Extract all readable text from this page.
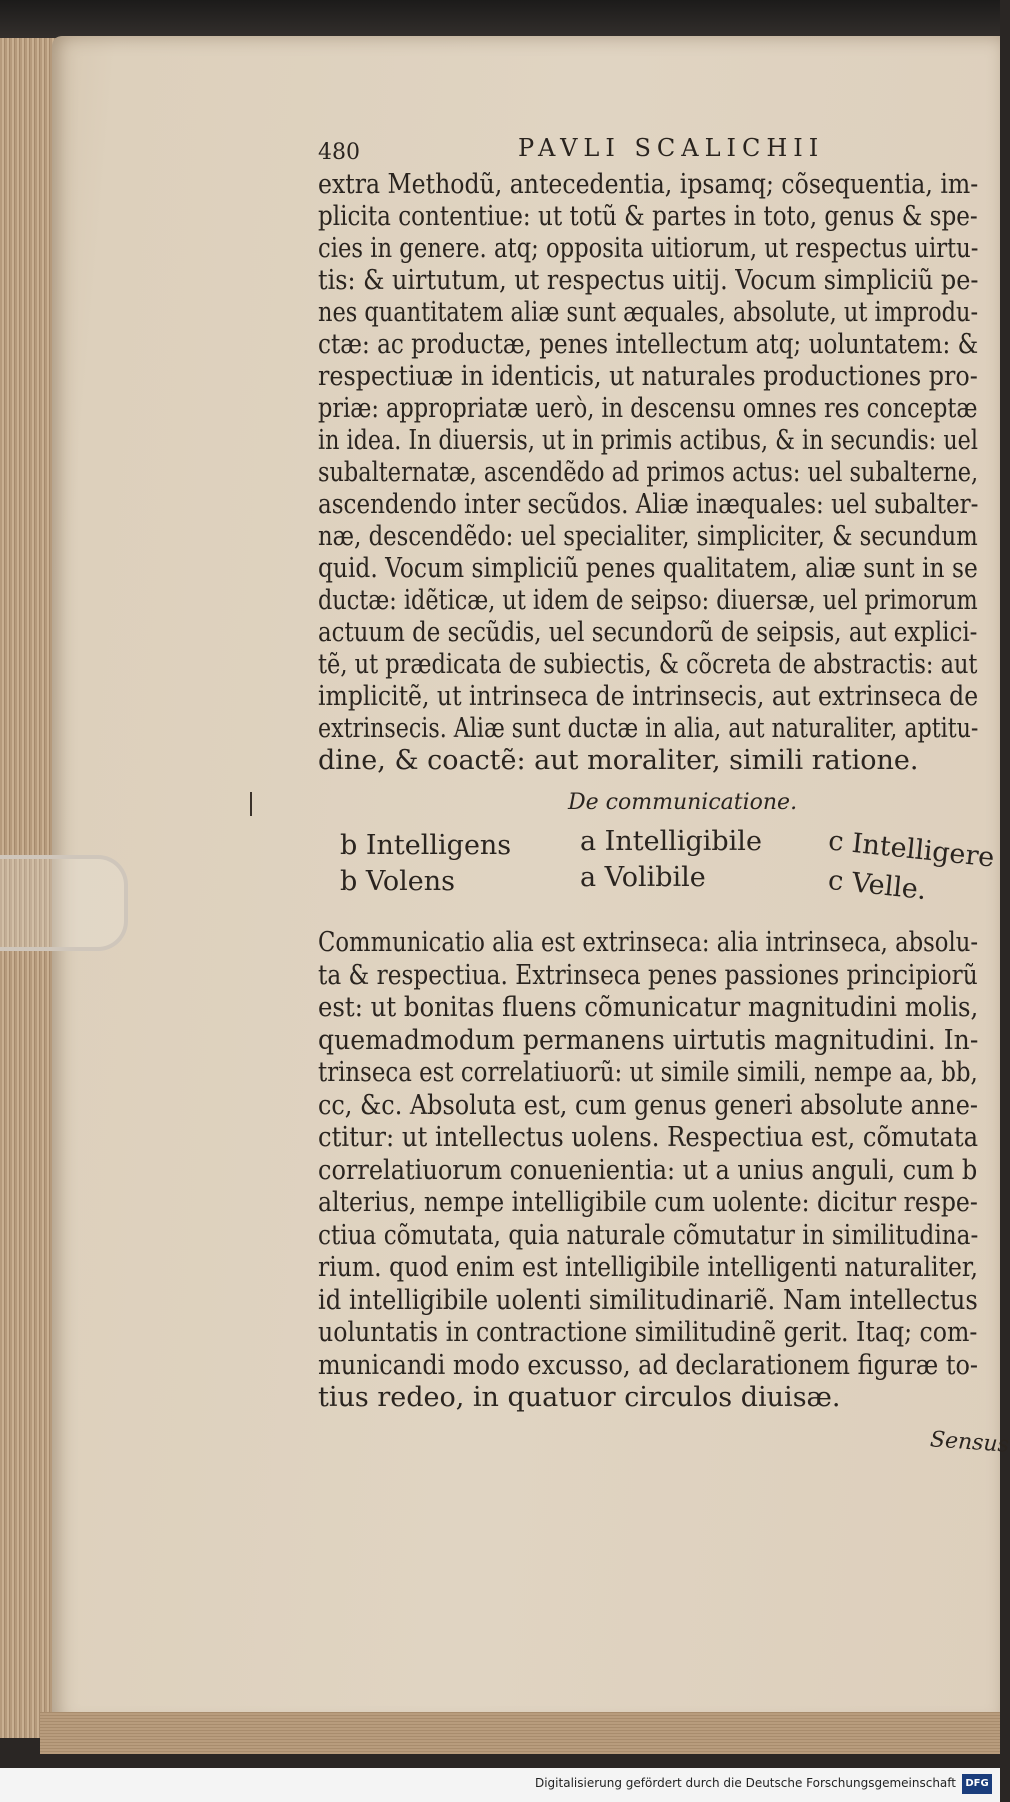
480	PAVLI SCALICHII
extra Methodũ, antecedentia, ipsamq; cõsequentia, im-
plicita contentiue: ut totũ & partes in toto, genus & spe-
cies in genere. atq; opposita uitiorum, ut respectus uirtu-
tis: & uirtutum, ut respectus uitij. Vocum simpliciũ pe-
nes quantitatem aliæ sunt æquales, absolute, ut improdu-
ctæ: ac productæ, penes intellectum atq; uoluntatem: &
respectiuæ in identicis, ut naturales productiones pro-
priæ: appropriatæ uerò, in descensu omnes res conceptæ
in idea. In diuersis, ut in primis actibus, & in secundis: uel
subalternatæ, ascendẽdo ad primos actus: uel subalterne,
ascendendo inter secũdos. Aliæ inæquales: uel subalter-
næ, descendẽdo: uel specialiter, simpliciter, & secundum
quid. Vocum simpliciũ penes qualitatem, aliæ sunt in se
ductæ: idẽticæ, ut idem de seipso: diuersæ, uel primorum
actuum de secũdis, uel secundorũ de seipsis, aut explici-
tẽ, ut prædicata de subiectis, & cõcreta de abstractis: aut
implicitẽ, ut intrinseca de intrinsecis, aut extrinseca de
extrinsecis. Aliæ sunt ductæ in alia, aut naturaliter, aptitu-
dine, & coactẽ: aut moraliter, simili ratione.
De communicatione.
b Intelligens	a Intelligibile c Intelligere
b Volens	a Volibile	c Velle.
Communicatio alia est extrinseca: alia intrinseca, absolu-
ta & respectiua. Extrinseca penes passiones principiorũ
est: ut bonitas fluens cõmunicatur magnitudini molis,
quemadmodum permanens uirtutis magnitudini. In-
trinseca est correlatiuorũ: ut simile simili, nempe aa, bb,
cc, &c. Absoluta est, cum genus generi absolute anne-
ctitur: ut intellectus uolens. Respectiua est, cõmutata
correlatiuorum conuenientia: ut a unius anguli, cum b
alterius, nempe intelligibile cum uolente: dicitur respe-
ctiua cõmutata, quia naturale cõmutatur in similitudina-
rium. quod enim est intelligibile intelligenti naturaliter,
id intelligibile uolenti similitudinariẽ. Nam intellectus
uoluntatis in contractione similitudinẽ gerit. Itaq; com-
municandi modo excusso, ad declarationem figuræ to-
tius redeo, in quatuor circulos diuisæ.
Sensus
Digitalisierung gefördert durch die Deutsche Forschungsgemeinschaft DFG
